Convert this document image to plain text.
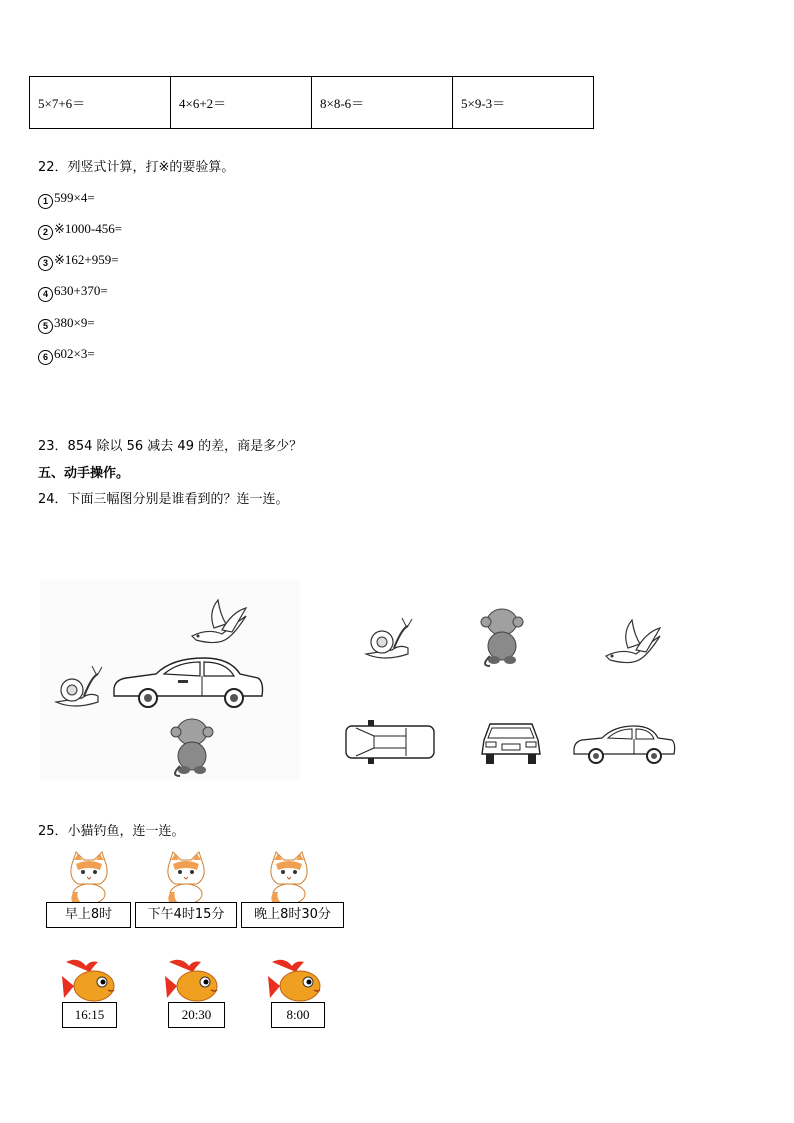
5×7+6＝	4×6+2＝	8×8-6＝	5×9-3＝
22．列竖式计算，打※的要验算。
1 599×4=
2 ※1000-456=
3 ※162+959=
4 630+370=
5 380×9=
6 602×3=
23．854 除以 56 减去 49 的差，商是多少？
五、动手操作。
24．下面三幅图分别是谁看到的？连一连。
25．小猫钓鱼，连一连。
早上8时	下午4时15分	晚上8时30分
16:15	20:30	8:00
